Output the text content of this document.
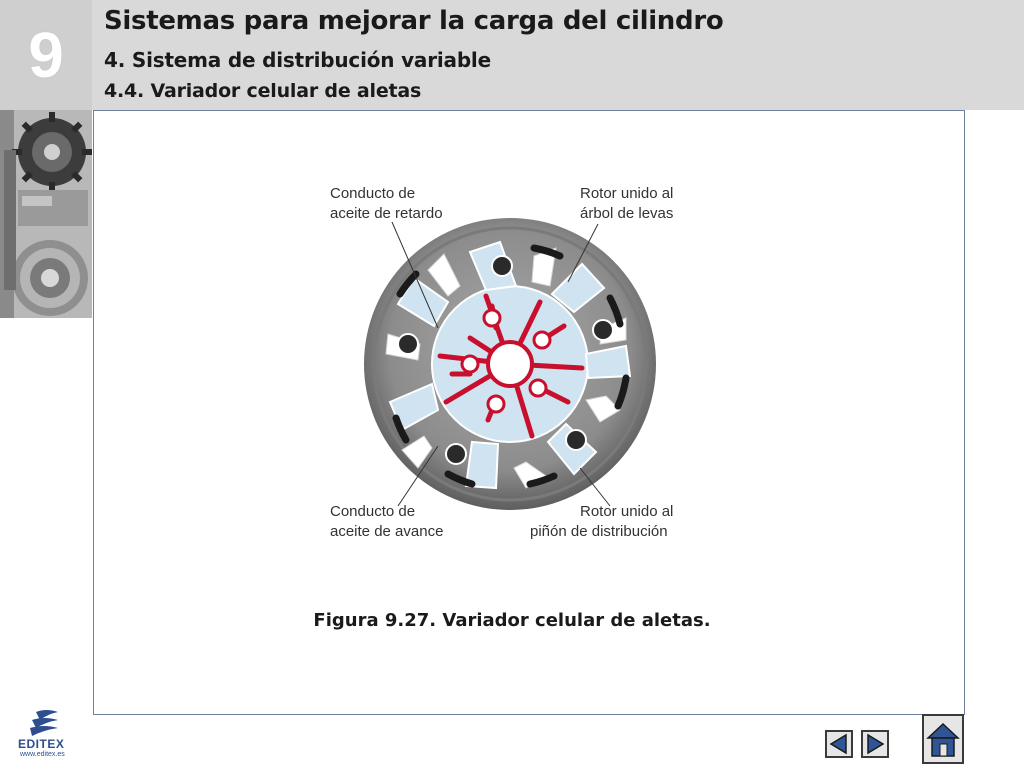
9 Sistemas para mejorar la carga del cilindro
4. Sistema de distribución variable
4.4. Variador celular de aletas
Conducto de
aceite de retardo
Rotor unido al
árbol de levas
Conducto de
aceite de avance
Rotor unido al
piñón de distribución
Figura 9.27. Variador celular de aletas.
EDITEX
www.editex.es
